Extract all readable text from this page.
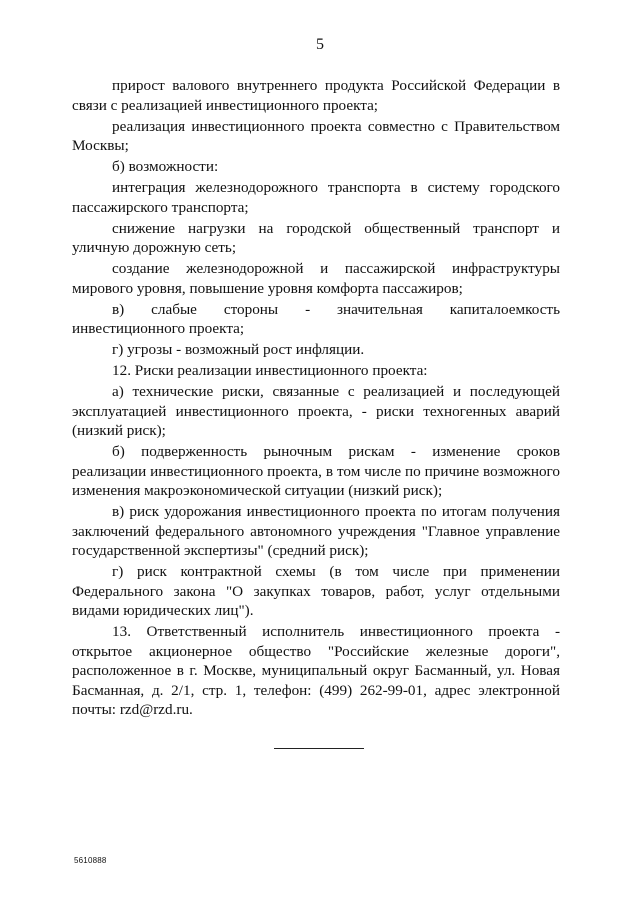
5

прирост валового внутреннего продукта Российской Федерации в связи с реализацией инвестиционного проекта;

реализация инвестиционного проекта совместно с Правительством Москвы;

б) возможности:

интеграция железнодорожного транспорта в систему городского пассажирского транспорта;

снижение нагрузки на городской общественный транспорт и уличную дорожную сеть;

создание железнодорожной и пассажирской инфраструктуры мирового уровня, повышение уровня комфорта пассажиров;

в) слабые стороны - значительная капиталоемкость инвестиционного проекта;

г) угрозы - возможный рост инфляции.

12. Риски реализации инвестиционного проекта:

а) технические риски, связанные с реализацией и последующей эксплуатацией инвестиционного проекта, - риски техногенных аварий (низкий риск);

б) подверженность рыночным рискам - изменение сроков реализации инвестиционного проекта, в том числе по причине возможного изменения макроэкономической ситуации (низкий риск);

в) риск удорожания инвестиционного проекта по итогам получения заключений федерального автономного учреждения "Главное управление государственной экспертизы" (средний риск);

г) риск контрактной схемы (в том числе при применении Федерального закона "О закупках товаров, работ, услуг отдельными видами юридических лиц").

13. Ответственный исполнитель инвестиционного проекта - открытое акционерное общество "Российские железные дороги", расположенное в г. Москве, муниципальный округ Басманный, ул. Новая Басманная, д. 2/1, стр. 1, телефон: (499) 262-99-01, адрес электронной почты: rzd@rzd.ru.

5610888
